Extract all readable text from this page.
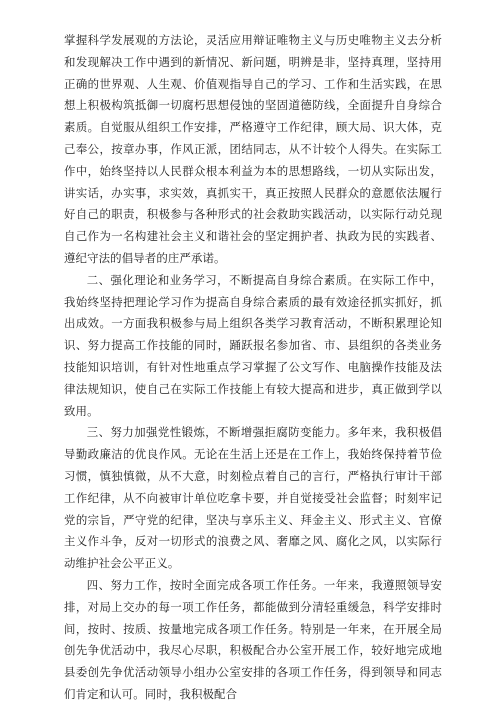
掌握科学发展观的方法论，灵活应用辩证唯物主义与历史唯物主义去分析和发现解决工作中遇到的新情况、新问题，明辨是非，坚持真理，坚持用正确的世界观、人生观、价值观指导自己的学习、工作和生活实践，在思想上积极构筑抵御一切腐朽思想侵蚀的坚固道德防线，全面提升自身综合素质。自觉服从组织工作安排，严格遵守工作纪律，顾大局、识大体，克己奉公，按章办事，作风正派，团结同志，从不计较个人得失。在实际工作中，始终坚持以人民群众根本利益为本的思想路线，一切从实际出发，讲实话，办实事，求实效，真抓实干，真正按照人民群众的意愿依法履行好自己的职责，积极参与各种形式的社会救助实践活动，以实际行动兑现自己作为一名构建社会主义和谐社会的坚定拥护者、执政为民的实践者、遵纪守法的倡导者的庄严承诺。

二、强化理论和业务学习，不断提高自身综合素质。在实际工作中，我始终坚持把理论学习作为提高自身综合素质的最有效途径抓实抓好，抓出成效。一方面我积极参与局上组织各类学习教育活动，不断积累理论知识、努力提高工作技能的同时，踊跃报名参加省、市、县组织的各类业务技能知识培训，有针对性地重点学习掌握了公文写作、电脑操作技能及法律法规知识，使自己在实际工作技能上有较大提高和进步，真正做到学以致用。

三、努力加强党性锻炼，不断增强拒腐防变能力。多年来，我积极倡导勤政廉洁的优良作风。无论在生活上还是在工作上，我始终保持着节俭习惯，慎独慎微，从不大意，时刻检点着自己的言行，严格执行审计干部工作纪律，从不向被审计单位吃拿卡要，并自觉接受社会监督；时刻牢记党的宗旨，严守党的纪律，坚决与享乐主义、拜金主义、形式主义、官僚主义作斗争，反对一切形式的浪费之风、奢靡之风、腐化之风，以实际行动维护社会公平正义。

四、努力工作，按时全面完成各项工作任务。一年来，我遵照领导安排，对局上交办的每一项工作任务，都能做到分清轻重缓急，科学安排时间，按时、按质、按量地完成各项工作任务。特别是一年来，在开展全局创先争优活动中，我尽心尽职，积极配合办公室开展工作，较好地完成地县委创先争优活动领导小组办公室安排的各项工作任务，得到领导和同志们肯定和认可。同时，我积极配合
